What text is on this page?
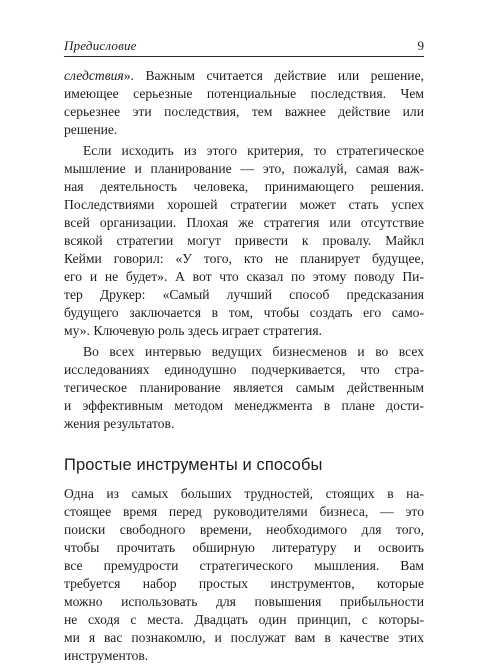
Предисловие	9

следствия». Важным считается действие или решение,
имеющее серьезные потенциальные последствия. Чем
серьезнее эти последствия, тем важнее действие или
решение.

Если исходить из этого критерия, то стратегическое
мышление и планирование — это, пожалуй, самая важ-
ная деятельность человека, принимающего решения.
Последствиями хорошей стратегии может стать успех
всей организации. Плохая же стратегия или отсутствие
всякой стратегии могут привести к провалу. Майкл
Кейми говорил: «У того, кто не планирует будущее,
его и не будет». А вот что сказал по этому поводу Пи-
тер Друкер: «Самый лучший способ предсказания
будущего заключается в том, чтобы создать его само-
му». Ключевую роль здесь играет стратегия.

Во всех интервью ведущих бизнесменов и во всех
исследованиях единодушно подчеркивается, что стра-
тегическое планирование является самым действенным
и эффективным методом менеджмента в плане дости-
жения результатов.

Простые инструменты и способы

Одна из самых больших трудностей, стоящих в на-
стоящее время перед руководителями бизнеса, — это
поиски свободного времени, необходимого для того,
чтобы прочитать обширную литературу и освоить
все премудрости стратегического мышления. Вам
требуется набор простых инструментов, которые
можно использовать для повышения прибыльности
не сходя с места. Двадцать один принцип, с которы-
ми я вас познакомлю, и послужат вам в качестве этих
инструментов.
